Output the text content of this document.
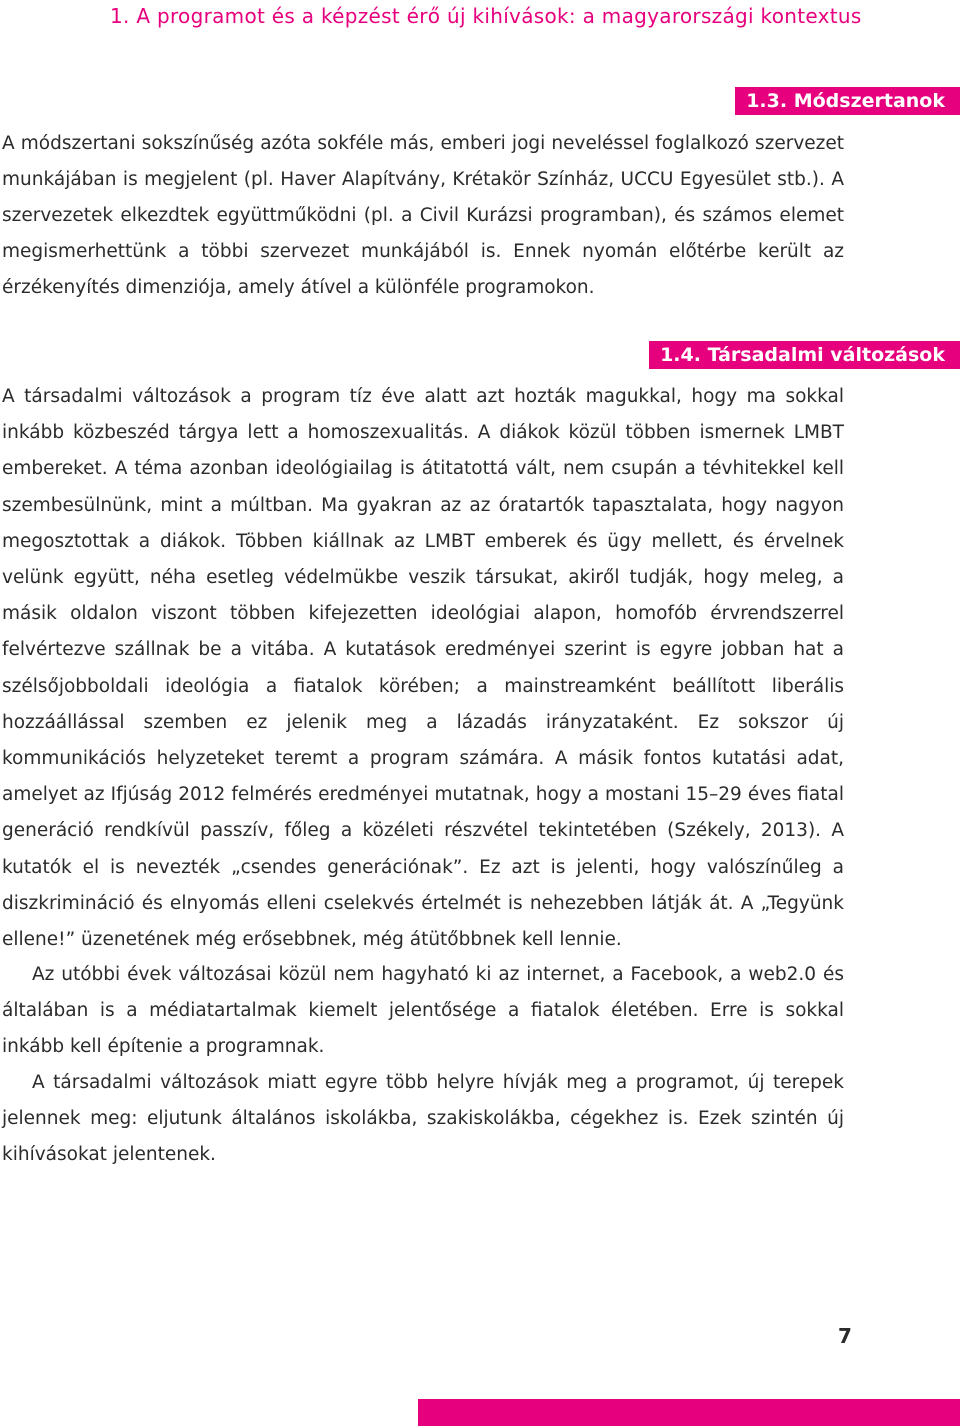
1. A programot és a képzést érő új kihívások: a magyarországi kontextus
1.3. Módszertanok

A módszertani sokszínűség azóta sokféle más, emberi jogi neveléssel foglalkozó szervezet munkájában is megjelent (pl. Haver Alapítvány, Krétakör Színház, UCCU Egyesület stb.). A szervezetek elkezdtek együttműködni (pl. a Civil Kurázsi programban), és számos elemet megismerhettünk a többi szervezet munkájából is. Ennek nyomán előtérbe került az érzékenyítés dimenziója, amely átível a különféle programokon.

1.4. Társadalmi változások

A társadalmi változások a program tíz éve alatt azt hozták magukkal, hogy ma sokkal inkább közbeszéd tárgya lett a homoszexualitás. A diákok közül többen ismernek LMBT embereket. A téma azonban ideológiailag is átitatottá vált, nem csupán a tévhitekkel kell szembesülnünk, mint a múltban. Ma gyakran az az óratartók tapasztalata, hogy nagyon megosztottak a diákok. Többen kiállnak az LMBT emberek és ügy mellett, és érvelnek velünk együtt, néha esetleg védelmükbe veszik társukat, akiről tudják, hogy meleg, a másik oldalon viszont többen kifejezetten ideológiai alapon, homofób érvrendszerrel felvértezve szállnak be a vitába. A kutatások eredményei szerint is egyre jobban hat a szélsőjobboldali ideológia a fiatalok körében; a mainstreamként beállított liberális hozzáállással szemben ez jelenik meg a lázadás irányzataként. Ez sokszor új kommunikációs helyzeteket teremt a program számára. A másik fontos kutatási adat, amelyet az Ifjúság 2012 felmérés eredményei mutatnak, hogy a mostani 15–29 éves fiatal generáció rendkívül passzív, főleg a közéleti részvétel tekintetében (Székely, 2013). A kutatók el is nevezték „csendes generációnak”. Ez azt is jelenti, hogy valószínűleg a diszkrimináció és elnyomás elleni cselekvés értelmét is nehezebben látják át. A „Tegyünk ellene!” üzenetének még erősebbnek, még átütőbbnek kell lennie.

Az utóbbi évek változásai közül nem hagyható ki az internet, a Facebook, a web2.0 és általában is a médiatartalmak kiemelt jelentősége a fiatalok életében. Erre is sokkal inkább kell építenie a programnak.

A társadalmi változások miatt egyre több helyre hívják meg a programot, új terepek jelennek meg: eljutunk általános iskolákba, szakiskolákba, cégekhez is. Ezek szintén új kihívásokat jelentenek.

7
